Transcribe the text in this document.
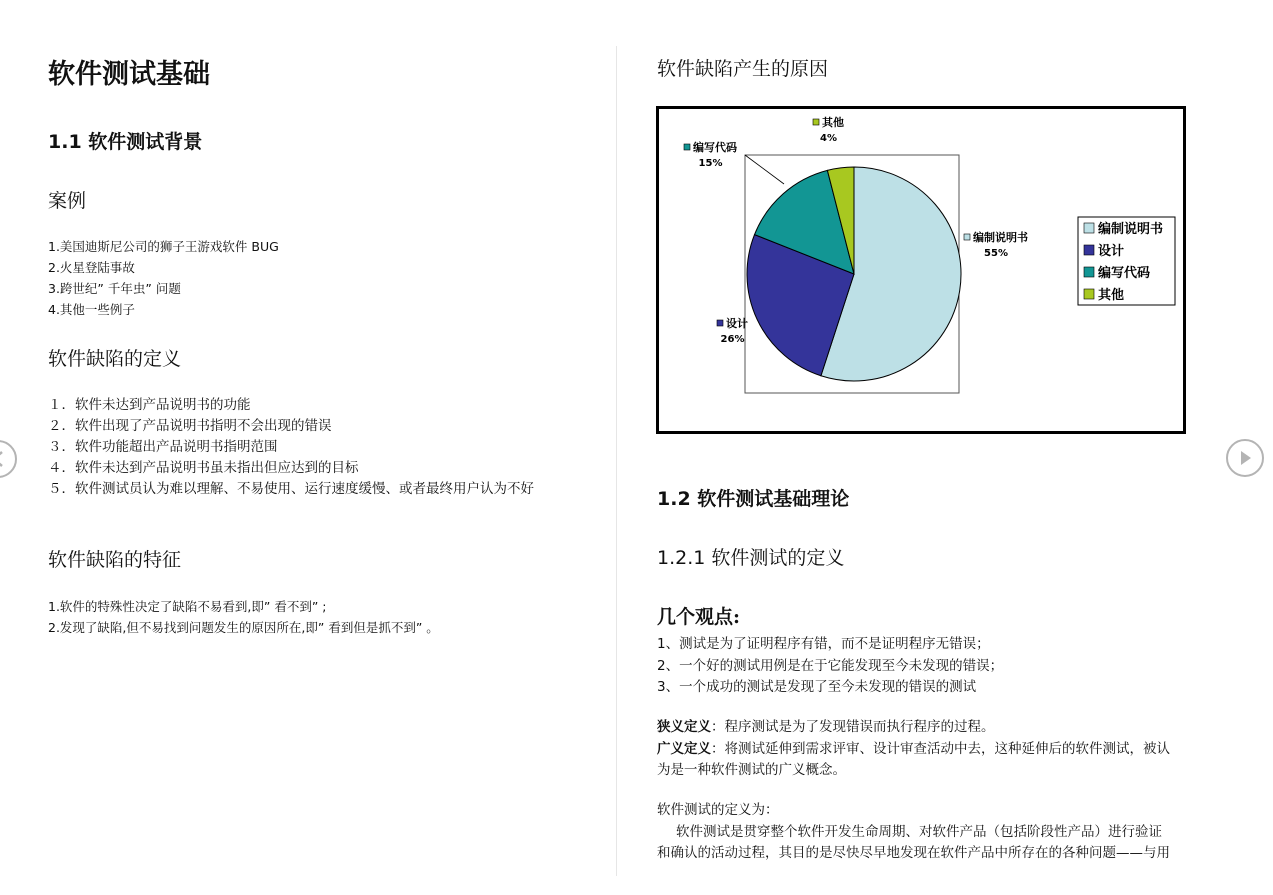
软件测试基础
1.1 软件测试背景
案例
1.美国迪斯尼公司的狮子王游戏软件 BUG
2.火星登陆事故
3.跨世纪” 千年虫” 问题
4.其他一些例子
软件缺陷的定义
１．软件未达到产品说明书的功能
２．软件出现了产品说明书指明不会出现的错误
３．软件功能超出产品说明书指明范围
４．软件未达到产品说明书虽未指出但应达到的目标
５．软件测试员认为难以理解、不易使用、运行速度缓慢、或者最终用户认为不好
软件缺陷的特征
1.软件的特殊性决定了缺陷不易看到,即” 看不到” ;
2.发现了缺陷,但不易找到问题发生的原因所在,即” 看到但是抓不到” 。
软件缺陷产生的原因
1.2 软件测试基础理论
1.2.1 软件测试的定义
几个观点:
1、测试是为了证明程序有错，而不是证明程序无错误；
2、一个好的测试用例是在于它能发现至今未发现的错误；
3、一个成功的测试是发现了至今未发现的错误的测试
狭义定义：程序测试是为了发现错误而执行程序的过程。
广义定义：将测试延伸到需求评审、设计审查活动中去，这种延伸后的软件测试，被认
为是一种软件测试的广义概念。
软件测试的定义为：
软件测试是贯穿整个软件开发生命周期、对软件产品（包括阶段性产品）进行验证
和确认的活动过程，其目的是尽快尽早地发现在软件产品中所存在的各种问题——与用
编制说明书
55%
设计
26%
编写代码
15%
其他
4%
编制说明书
设计
编写代码
其他
